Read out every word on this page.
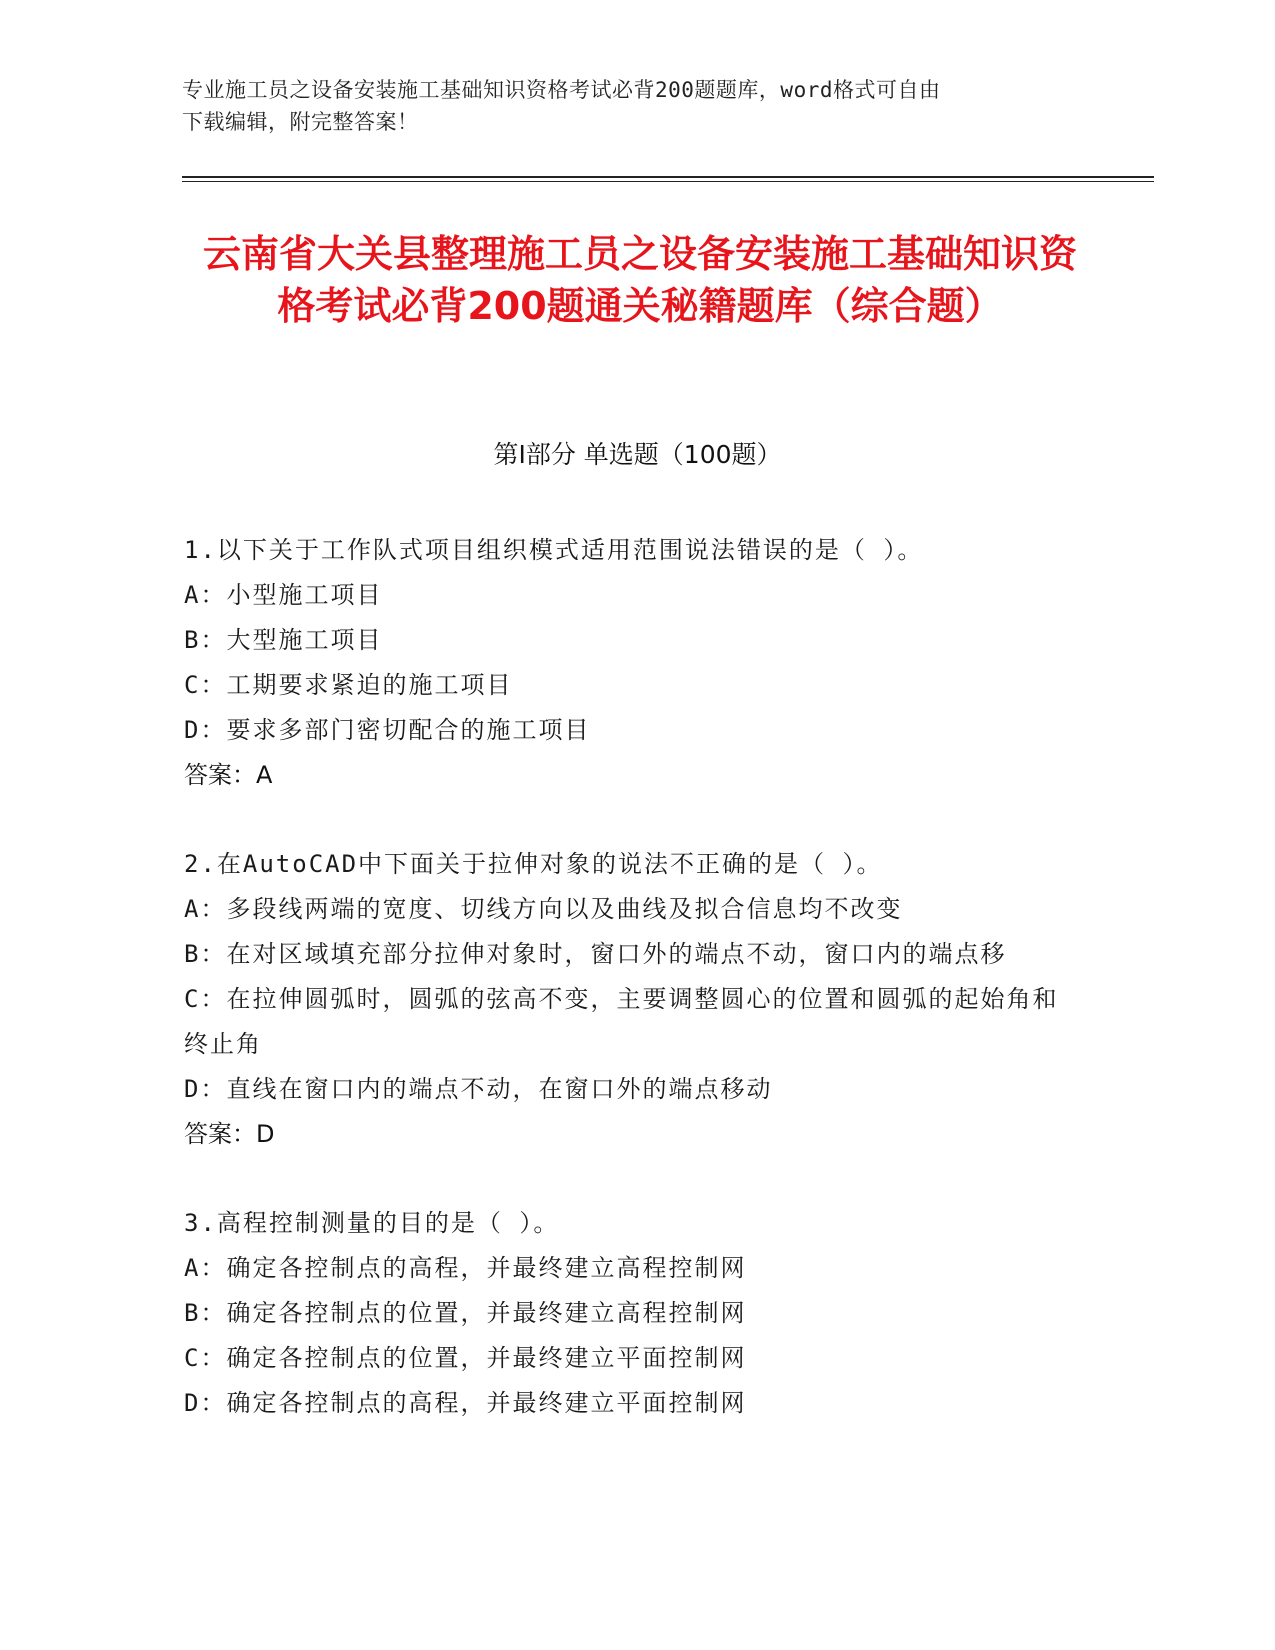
专业施工员之设备安装施工基础知识资格考试必背200题题库，word格式可自由
下载编辑，附完整答案！
云南省大关县整理施工员之设备安装施工基础知识资格考试必背200题通关秘籍题库（综合题）
第I部分 单选题（100题）
1.以下关于工作队式项目组织模式适用范围说法错误的是（ ）。
A：小型施工项目
B：大型施工项目
C：工期要求紧迫的施工项目
D：要求多部门密切配合的施工项目
答案：A
2.在AutoCAD中下面关于拉伸对象的说法不正确的是（ ）。
A：多段线两端的宽度、切线方向以及曲线及拟合信息均不改变
B：在对区域填充部分拉伸对象时，窗口外的端点不动，窗口内的端点移
C：在拉伸圆弧时，圆弧的弦高不变，主要调整圆心的位置和圆弧的起始角和终止角
D：直线在窗口内的端点不动，在窗口外的端点移动
答案：D
3.高程控制测量的目的是（ ）。
A：确定各控制点的高程，并最终建立高程控制网
B：确定各控制点的位置，并最终建立高程控制网
C：确定各控制点的位置，并最终建立平面控制网
D：确定各控制点的高程，并最终建立平面控制网
